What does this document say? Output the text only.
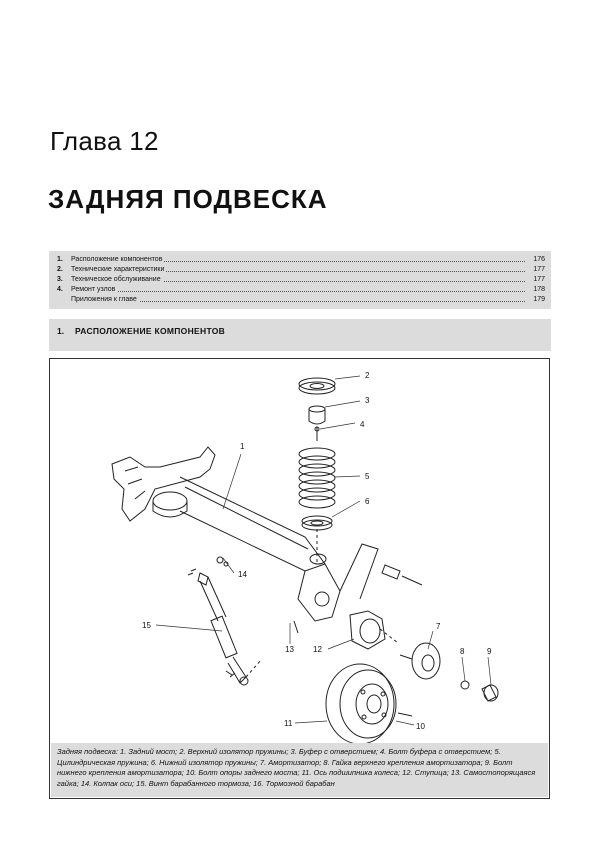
Глава 12
ЗАДНЯЯ ПОДВЕСКА
1. Расположение компонентов	176
2. Технические характеристики	177
3. Техническое обслуживание	177
4. Ремонт узлов	178
Приложения к главе	179
1. РАСПОЛОЖЕНИЕ КОМПОНЕНТОВ
1
2
3
4
5
6
7
8	9
10
11
12
13
14
15
Задняя подвеска: 1. Задний мост; 2. Верхний изолятор пружины; 3. Буфер с отверстием; 4. Болт буфера с отверстием; 5. Цилиндрическая пружина; 6. Нижний изолятор пружины; 7. Амортизатор; 8. Гайка верхнего крепления амортизатора; 9. Болт нижнего крепления амортизатора; 10. Болт опоры заднего моста; 11. Ось подшипника колеса; 12. Ступица; 13. Самостопорящаяся гайка; 14. Колпак оси; 15. Винт барабанного тормоза; 16. Тормозной барабан
